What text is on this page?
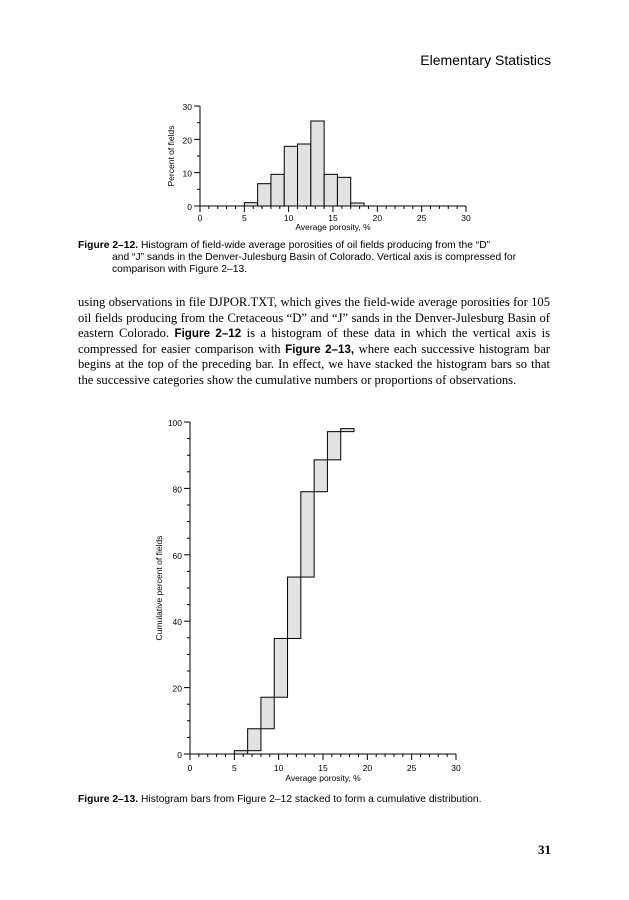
Elementary Statistics
0	5	10	15	20	25	30
0
10
20
30
Average porosity, %
Percent of fields
Figure 2–12. Histogram of field-wide average porosities of oil fields producing from the “D”
and “J” sands in the Denver-Julesburg Basin of Colorado. Vertical axis is compressed for comparison with Figure 2–13.
using observations in file DJPOR.TXT, which gives the field-wide average porosities for 105 oil fields producing from the Cretaceous “D” and “J” sands in the Denver-Julesburg Basin of eastern Colorado. Figure 2–12 is a histogram of these data in which the vertical axis is compressed for easier comparison with Figure 2–13, where each successive histogram bar begins at the top of the preceding bar. In effect, we have stacked the histogram bars so that the successive categories show the cumulative numbers or proportions of observations.
0	5	10	15	20	25	30
0
20
40
60
80
100
Average porosity, %
Cumulative percent of fields
Figure 2–13. Histogram bars from Figure 2–12 stacked to form a cumulative distribution.
31
